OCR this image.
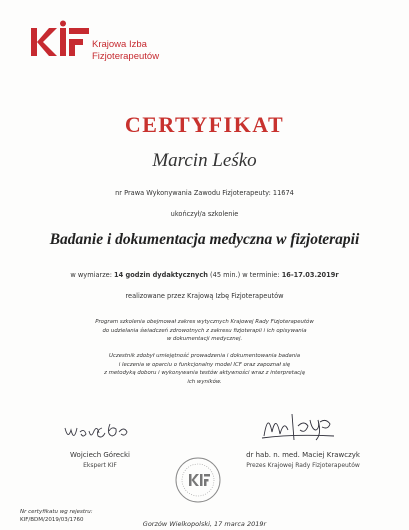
Krajowa Izba
Fizjoterapeutów
CERTYFIKAT
Marcin Leśko
nr Prawa Wykonywania Zawodu Fizjoterapeuty: 11674
ukończył/a szkolenie
Badanie i dokumentacja medyczna w fizjoterapii
w wymiarze: 14 godzin dydaktycznych (45 min.) w terminie: 16-17.03.2019r
realizowane przez Krajową Izbę Fizjoterapeutów
Program szkolenia obejmował zakres wytycznych Krajowej Rady Fizjoterapeutów
do udzielania świadczeń zdrowotnych z zakresu fizjoterapii i ich opisywania
w dokumentacji medycznej.
Uczestnik zdobył umiejętność prowadzenia i dokumentowania badania
i leczenia w oparciu o funkcjonalny model ICF oraz zapoznał się
z metodyką doboru i wykonywania testów aktywności wraz z interpretacją
ich wyników.
Wojciech Górecki
Ekspert KIF
dr hab. n. med. Maciej Krawczyk
Prezes Krajowej Rady Fizjoterapeutów
Nr certyfikatu wg rejestru:
KIF/BDM/2019/03/1760	Gorzów Wielkopolski, 17 marca 2019r
